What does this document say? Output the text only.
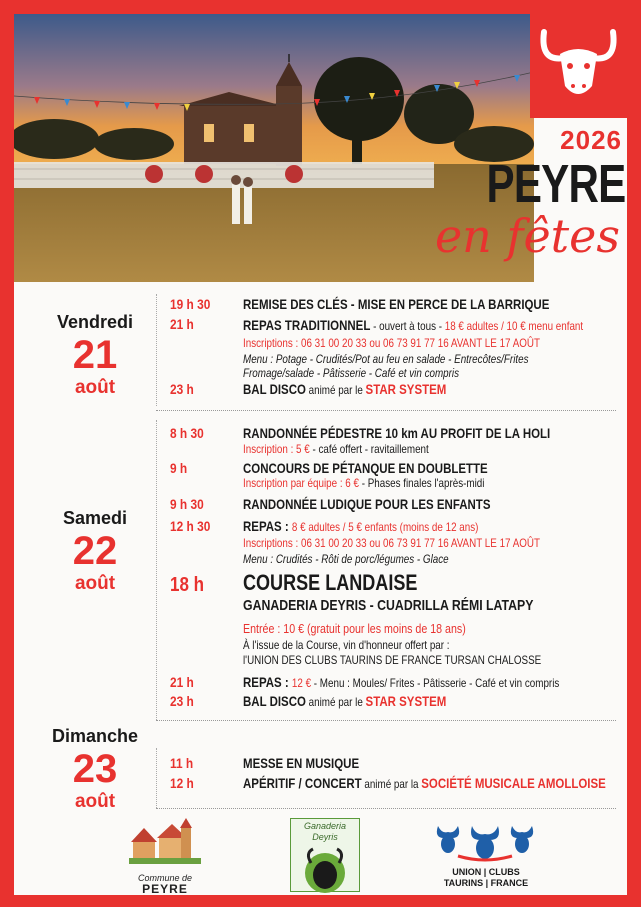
2026
PEYRE
en fêtes
Vendredi
21
août
Samedi
22
août
Dimanche
23
août
19 h 30 REMISE DES CLÉS - MISE EN PERCE DE LA BARRIQUE
21 h	REPAS TRADITIONNEL - ouvert à tous - 18 € adultes / 10 € menu enfant
Inscriptions : 06 31 00 20 33 ou 06 73 91 77 16 AVANT LE 17 AOÛT
Menu : Potage - Crudités/Pot au feu en salade - Entrecôtes/Frites
Fromage/salade - Pâtisserie - Café et vin compris
23 h	BAL DISCO animé par le STAR SYSTEM
8 h 30	RANDONNÉE PÉDESTRE 10 km AU PROFIT DE LA HOLI
Inscription : 5 € - café offert - ravitaillement
9 h	CONCOURS DE PÉTANQUE EN DOUBLETTE
Inscription par équipe : 6 € - Phases finales l'après-midi
9 h 30	RANDONNÉE LUDIQUE POUR LES ENFANTS
12 h 30 REPAS : 8 € adultes / 5 € enfants (moins de 12 ans)
Inscriptions : 06 31 00 20 33 ou 06 73 91 77 16 AVANT LE 17 AOÛT
Menu : Crudités - Rôti de porc/légumes - Glace
18 h COURSE LANDAISE
GANADERIA DEYRIS - CUADRILLA RÉMI LATAPY
Entrée : 10 € (gratuit pour les moins de 18 ans)
À l'issue de la Course, vin d'honneur offert par :
l'UNION DES CLUBS TAURINS DE FRANCE TURSAN CHALOSSE
21 h	REPAS : 12 € - Menu : Moules/ Frites - Pâtisserie - Café et vin compris
23 h	BAL DISCO animé par le STAR SYSTEM
11 h	MESSE EN MUSIQUE
12 h	APÉRITIF / CONCERT animé par la SOCIÉTÉ MUSICALE AMOLLOISE
Commune de
PEYRE
Ganaderia Deyris
UNION | CLUBS
TAURINS | FRANCE
